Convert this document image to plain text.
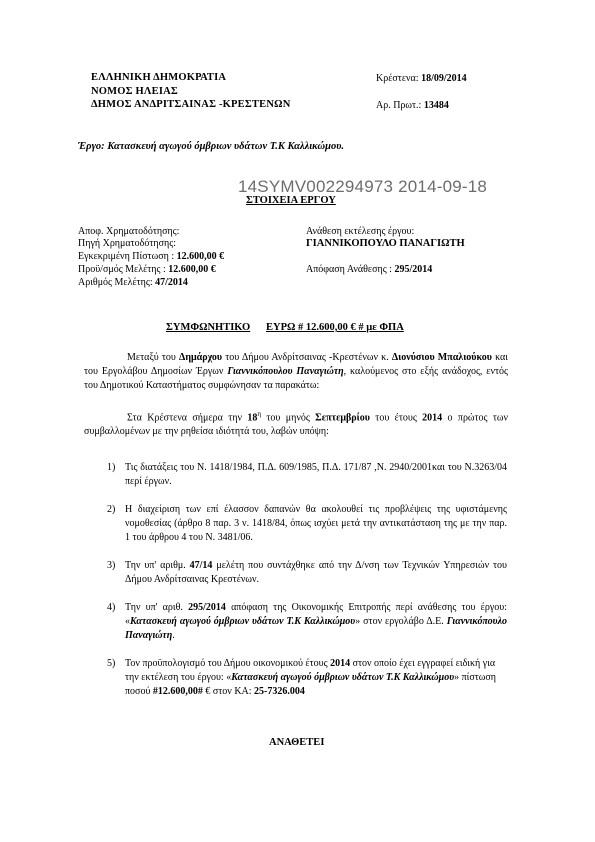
ΕΛΛΗΝΙΚΗ ΔΗΜΟΚΡΑΤΙΑ
ΝΟΜΟΣ ΗΛΕΙΑΣ
ΔΗΜΟΣ ΑΝΔΡΙΤΣΑΙΝΑΣ -ΚΡΕΣΤΕΝΩΝ
Κρέστενα: 18/09/2014
Αρ. Πρωτ.: 13484
Έργο: Κατασκευή αγωγού όμβριων υδάτων Τ.Κ Καλλικώμου.
14SYMV002294973 2014-09-18
ΣΤΟΙΧΕΙΑ ΕΡΓΟΥ
Αποφ. Χρηματοδότησης:
Πηγή Χρηματοδότησης:
Εγκεκριμένη Πίστωση : 12.600,00 €
Προϋ/σμός Μελέτης : 12.600,00 €
Αριθμός Μελέτης: 47/2014
Ανάθεση εκτέλεσης έργου:
ΓΙΑΝΝΙΚΟΠΟΥΛΟ ΠΑΝΑΓΙΩΤΗ
Απόφαση Ανάθεσης : 295/2014
ΣΥΜΦΩΝΗΤΙΚΟ ΕΥΡΩ # 12.600,00 € # με ΦΠΑ
Μεταξύ του Δημάρχου του Δήμου Ανδρίτσαινας -Κρεστένων κ. Διονύσιου Μπαλιούκου και του Εργολάβου Δημοσίων Έργων Γιαννικόπουλου Παναγιώτη, καλούμενος στο εξής ανάδοχος, εντός του Δημοτικού Καταστήματος συμφώνησαν τα παρακάτω:
Στα Κρέστενα σήμερα την $18^\eta$ του μηνός Σεπτεμβρίου του έτους 2014 ο πρώτος των συμβαλλομένων με την ρηθείσα ιδιότητά του, λαβών υπόψη:
1) Τις διατάξεις του Ν. 1418/1984, Π.Δ. 609/1985, Π.Δ. 171/87 ,Ν. 2940/2001και του Ν.3263/04 περί έργων.
2) Η διαχείριση των επί έλασσον δαπανών θα ακολουθεί τις προβλέψεις της υφιστάμενης νομοθεσίας (άρθρο 8 παρ. 3 ν. 1418/84, όπως ισχύει μετά την αντικατάσταση της με την παρ. 1 του άρθρου 4 του Ν. 3481/06.
3) Την υπ' αριθμ. 47/14 μελέτη που συντάχθηκε από την Δ/νση των Τεχνικών Υπηρεσιών του Δήμου Ανδρίτσαινας Κρεστένων.
4) Την υπ' αριθ. 295/2014 απόφαση της Οικονομικής Επιτροπής περί ανάθεσης του έργου: «Κατασκευή αγωγού όμβριων υδάτων Τ.Κ Καλλικώμου» στον εργολάβο Δ.Ε. Γιαννικόπουλο Παναγιώτη.
5) Τον προϋπολογισμό του Δήμου οικονομικού έτους 2014 στον οποίο έχει εγγραφεί ειδική για την εκτέλεση του έργου: «Κατασκευή αγωγού όμβριων υδάτων Τ.Κ Καλλικώμου» πίστωση ποσού #12.600,00# € στον ΚΑ: 25-7326.004
ΑΝΑΘΕΤΕΙ
